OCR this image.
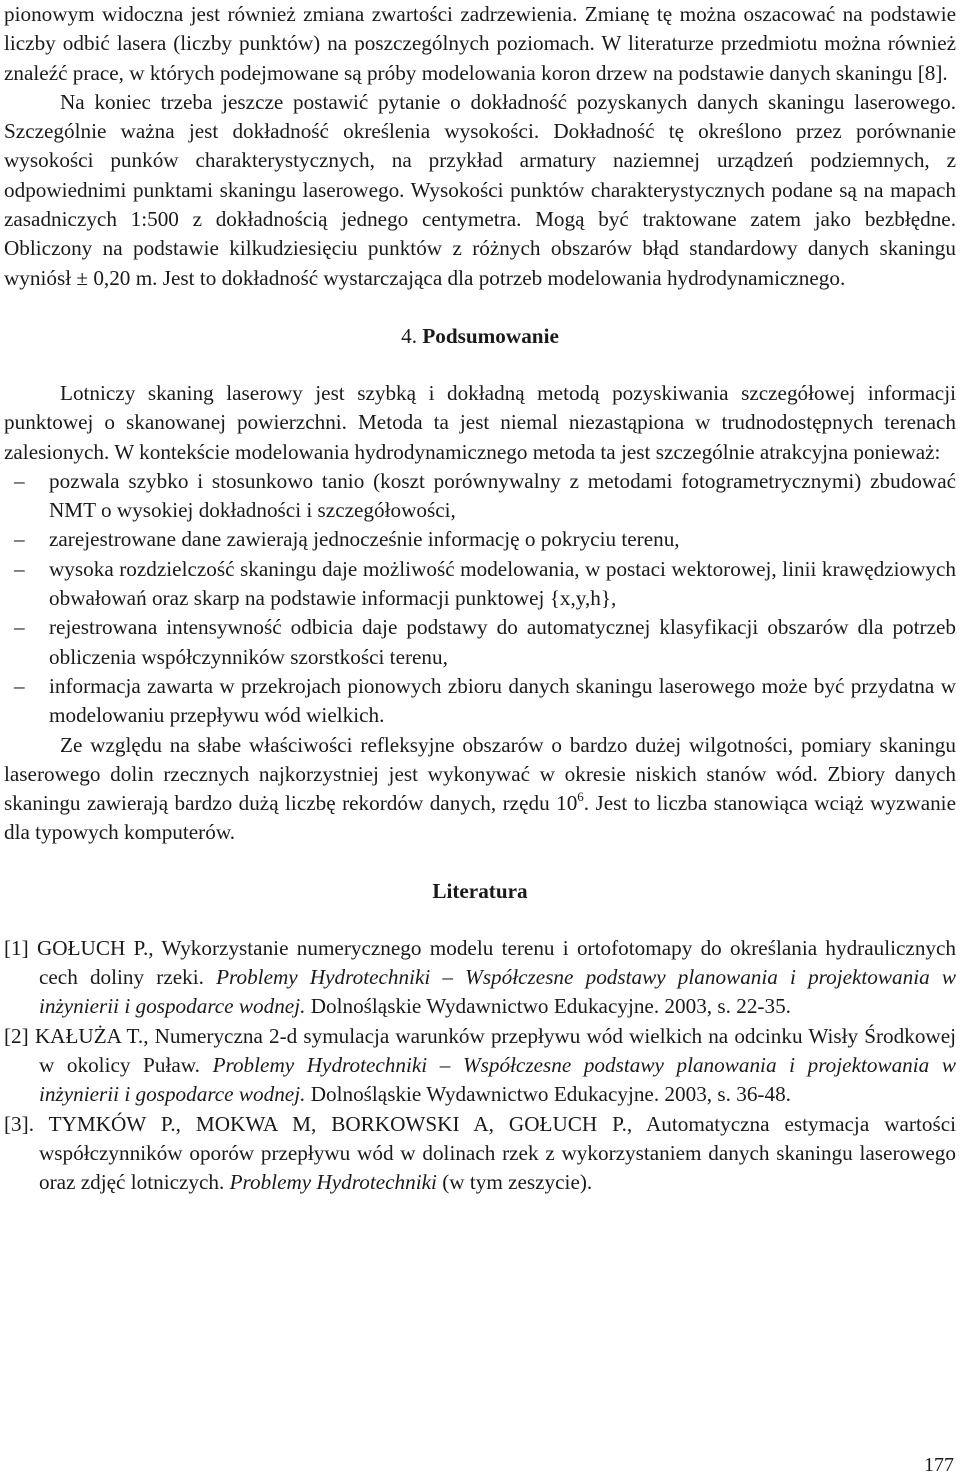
pionowym widoczna jest również zmiana zwartości zadrzewienia. Zmianę tę można oszacować na podstawie liczby odbić lasera (liczby punktów) na poszczególnych poziomach. W literaturze przedmiotu można również znaleźć prace, w których podejmowane są próby modelowania koron drzew na podstawie danych skaningu [8].

Na koniec trzeba jeszcze postawić pytanie o dokładność pozyskanych danych skaningu laserowego. Szczególnie ważna jest dokładność określenia wysokości. Dokładność tę określono przez porównanie wysokości punków charakterystycznych, na przykład armatury naziemnej urządzeń podziemnych, z odpowiednimi punktami skaningu laserowego. Wysokości punktów charakterystycznych podane są na mapach zasadniczych 1:500 z dokładnością jednego centymetra. Mogą być traktowane zatem jako bezbłędne. Obliczony na podstawie kilkudziesięciu punktów z różnych obszarów błąd standardowy danych skaningu wyniósł ± 0,20 m. Jest to dokładność wystarczająca dla potrzeb modelowania hydrodynamicznego.

4. Podsumowanie

Lotniczy skaning laserowy jest szybką i dokładną metodą pozyskiwania szczegółowej informacji punktowej o skanowanej powierzchni. Metoda ta jest niemal niezastąpiona w trudnodostępnych terenach zalesionych. W kontekście modelowania hydrodynamicznego metoda ta jest szczególnie atrakcyjna ponieważ:

– pozwala szybko i stosunkowo tanio (koszt porównywalny z metodami fotogrametrycznymi) zbudować NMT o wysokiej dokładności i szczegółowości,
– zarejestrowane dane zawierają jednocześnie informację o pokryciu terenu,
– wysoka rozdzielczość skaningu daje możliwość modelowania, w postaci wektorowej, linii krawędziowych obwałowań oraz skarp na podstawie informacji punktowej {x,y,h},
– rejestrowana intensywność odbicia daje podstawy do automatycznej klasyfikacji obszarów dla potrzeb obliczenia współczynników szorstkości terenu,
– informacja zawarta w przekrojach pionowych zbioru danych skaningu laserowego może być przydatna w modelowaniu przepływu wód wielkich.

Ze względu na słabe właściwości refleksyjne obszarów o bardzo dużej wilgotności, pomiary skaningu laserowego dolin rzecznych najkorzystniej jest wykonywać w okresie niskich stanów wód. Zbiory danych skaningu zawierają bardzo dużą liczbę rekordów danych, rzędu $10^6$. Jest to liczba stanowiąca wciąż wyzwanie dla typowych komputerów.

Literatura
[1] GOŁUCH P., Wykorzystanie numerycznego modelu terenu i ortofotomapy do określania hydraulicznych cech doliny rzeki. Problemy Hydrotechniki – Współczesne podstawy planowania i projektowania w inżynierii i gospodarce wodnej. Dolnośląskie Wydawnictwo Edukacyjne. 2003, s. 22-35.
[2] KAŁUŻA T., Numeryczna 2-d symulacja warunków przepływu wód wielkich na odcinku Wisły Środkowej w okolicy Puław. Problemy Hydrotechniki – Współczesne podstawy planowania i projektowania w inżynierii i gospodarce wodnej. Dolnośląskie Wydawnictwo Edukacyjne. 2003, s. 36-48.
[3]. TYMKÓW P., MOKWA M, BORKOWSKI A, GOŁUCH P., Automatyczna estymacja wartości współczynników oporów przepływu wód w dolinach rzek z wykorzystaniem danych skaningu laserowego oraz zdjęć lotniczych. Problemy Hydrotechniki (w tym zeszycie).
177
